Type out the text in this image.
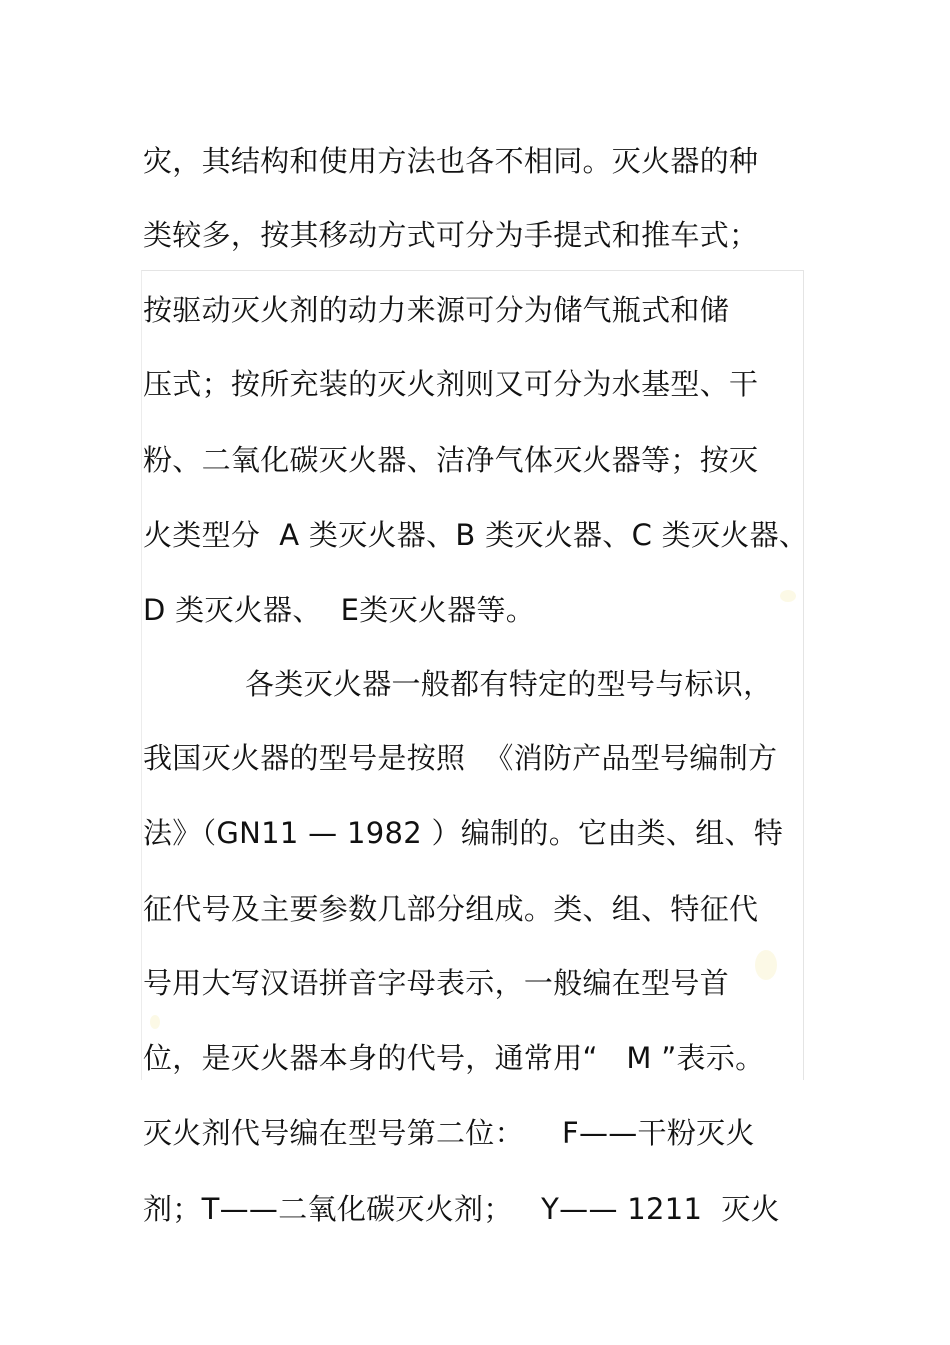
灾，其结构和使用方法也各不相同。灭火器的种
类较多，按其移动方式可分为手提式和推车式；
按驱动灭火剂的动力来源可分为储气瓶式和储
压式；按所充装的灭火剂则又可分为水基型、干
粉、二氧化碳灭火器、洁净气体灭火器等；按灭
火类型分  A 类灭火器、B 类灭火器、C 类灭火器、
D 类灭火器、  E类灭火器等。
各类灭火器一般都有特定的型号与标识，
我国灭火器的型号是按照  《消防产品型号编制方
法》（GN11 — 1982 ）编制的。它由类、组、特
征代号及主要参数几部分组成。类、组、特征代
号用大写汉语拼音字母表示，一般编在型号首
位，是灭火器本身的代号，通常用“   M ”表示。
灭火剂代号编在型号第二位：    F——干粉灭火
剂；T——二氧化碳灭火剂；   Y—— 1211  灭火
